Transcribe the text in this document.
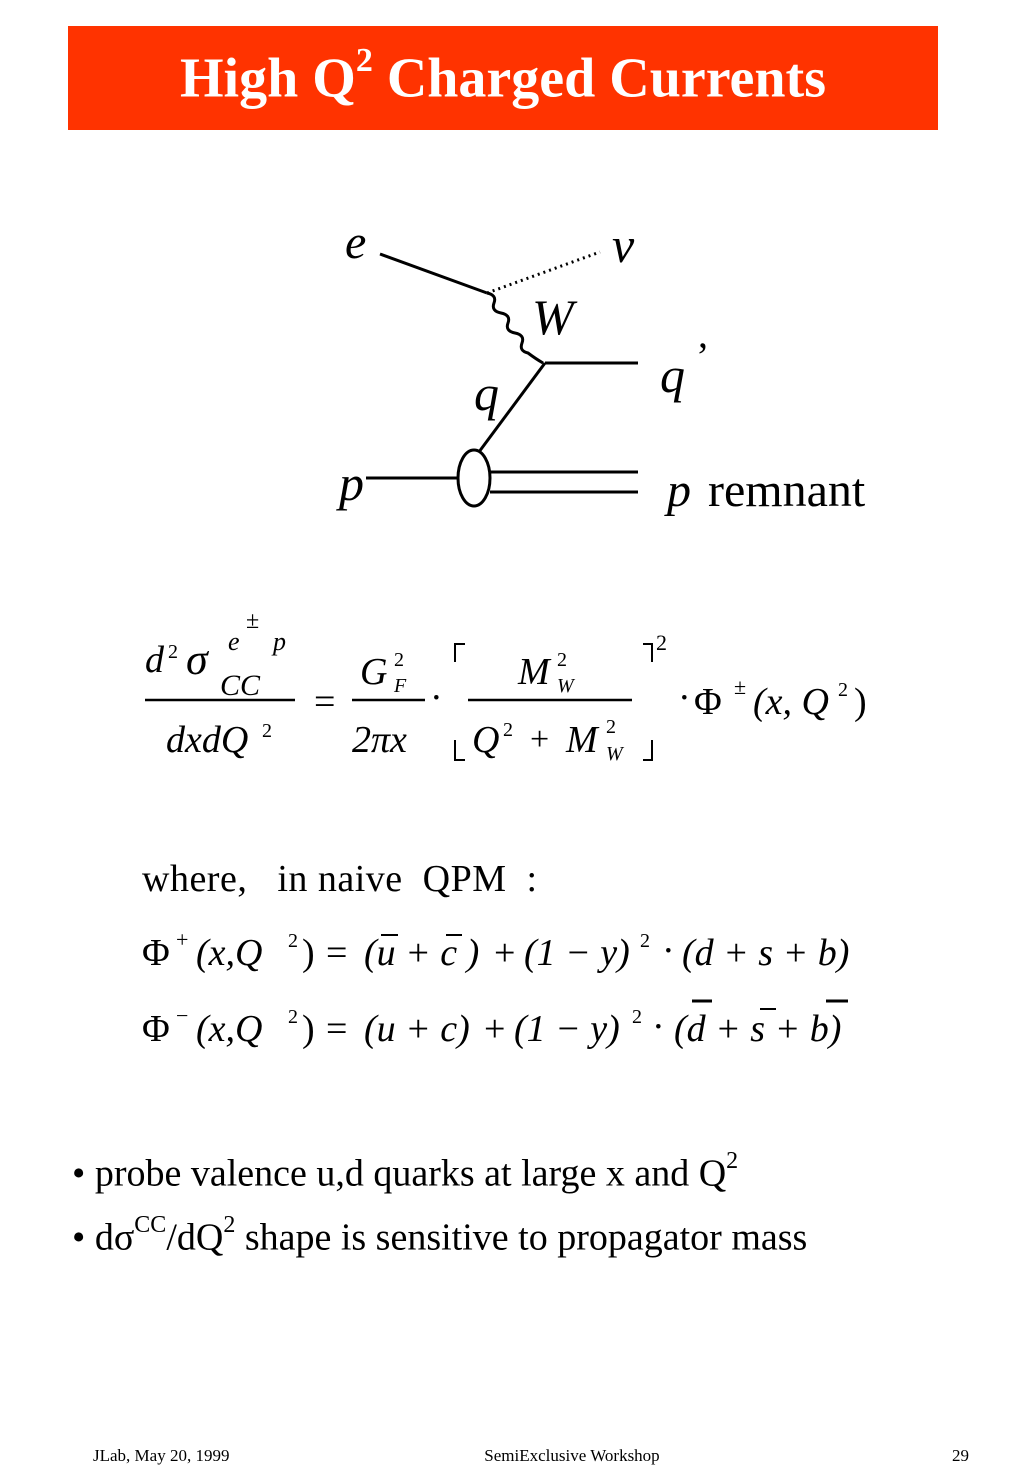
High $Q^2$ Charged Currents
e	ν
W
q	q ’
p	p remnant
d 2 σ e
±
p
CC
dxdQ 2
=
G 2
F
2πx
·
M 2
W
Q 2 + M 2
W
2
· Φ ± (x, Q 2 )
where,   in naive  QPM  :
Φ + (x,Q 2 ) = (u + c ) + (1 − y) 2 · (d + s + b)
Φ − (x,Q 2 ) = (u + c) + (1 − y) 2 · (d + s + b)
• probe valence u,d quarks at large x and $Q^2$
• $d\sigma^{CC}/dQ^2$ shape is sensitive to propagator mass
JLab, May 20, 1999	SemiExclusive Workshop	29
